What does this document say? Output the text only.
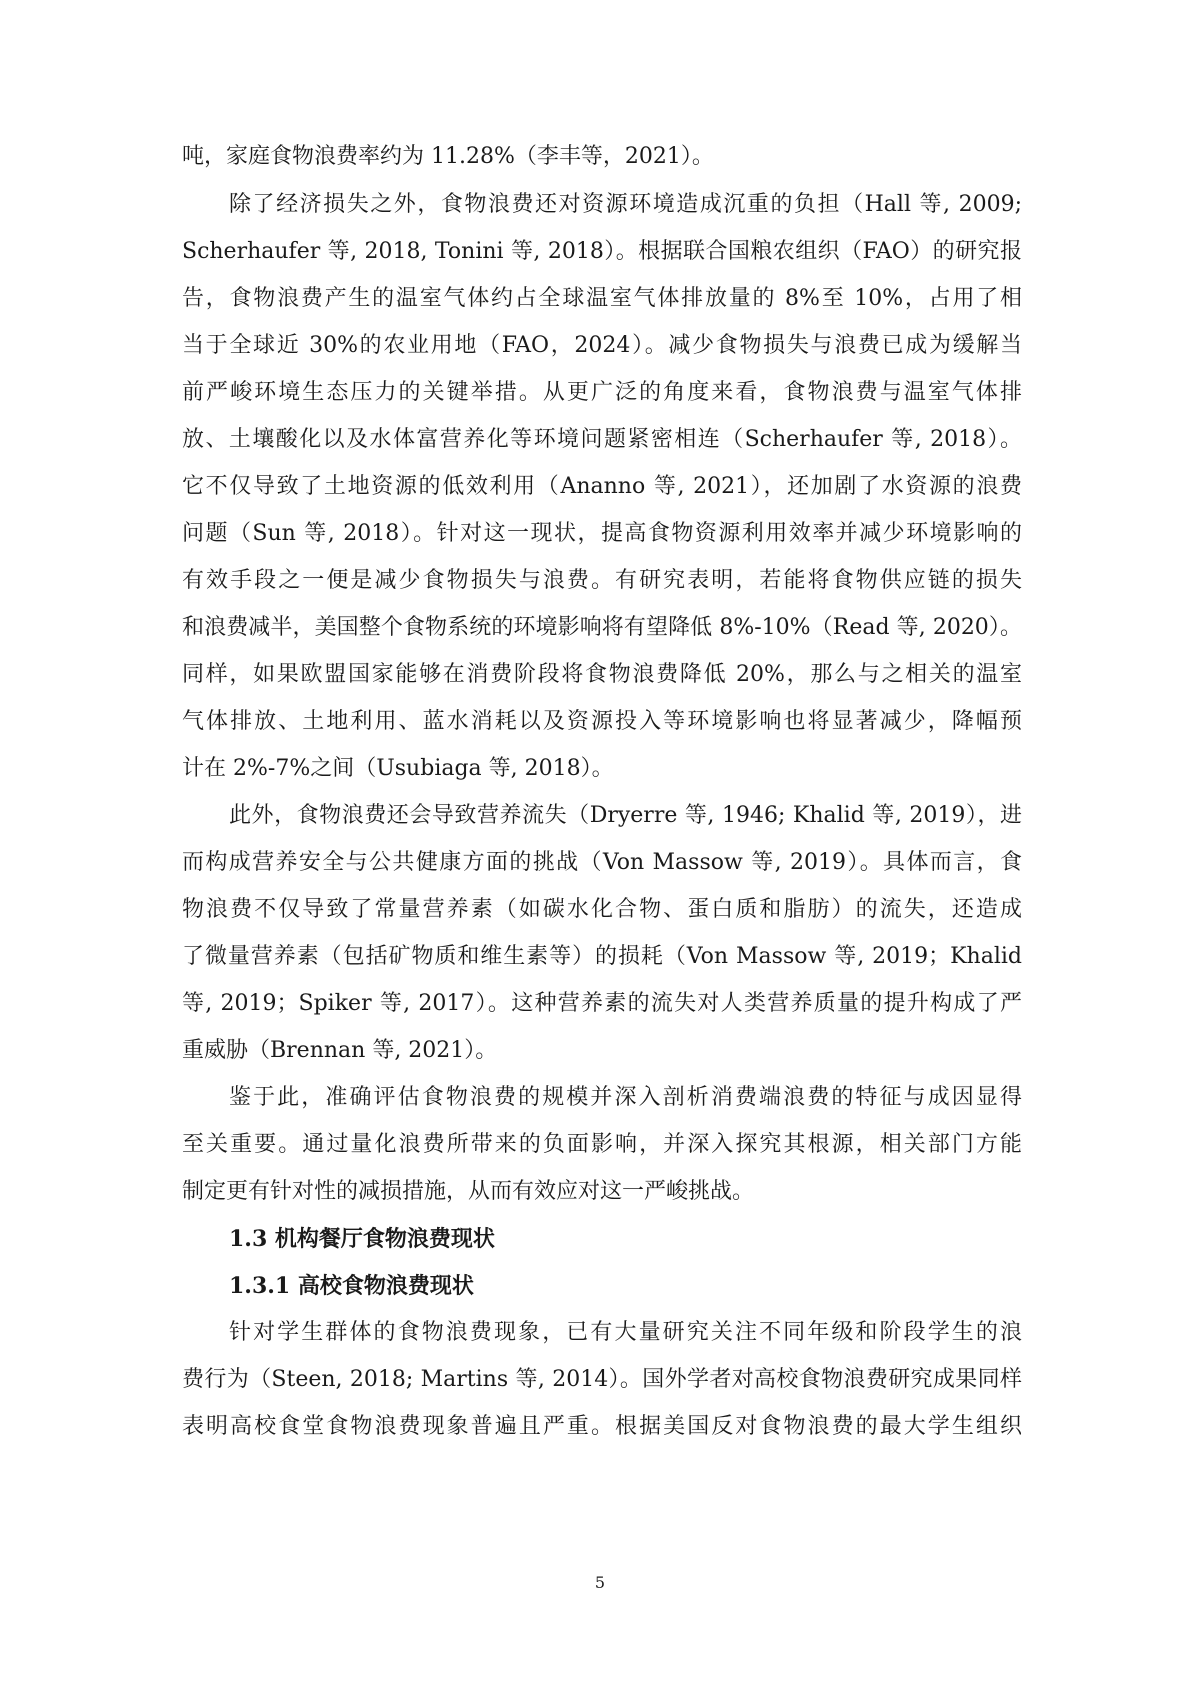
吨，家庭食物浪费率约为 11.28%（李丰等，2021）。
除了经济损失之外，食物浪费还对资源环境造成沉重的负担（Hall 等, 2009;
Scherhaufer 等, 2018, Tonini 等, 2018）。根据联合国粮农组织（FAO）的研究报
告，食物浪费产生的温室气体约占全球温室气体排放量的 8%至 10%，占用了相
当于全球近 30%的农业用地（FAO，2024）。减少食物损失与浪费已成为缓解当
前严峻环境生态压力的关键举措。从更广泛的角度来看，食物浪费与温室气体排
放、土壤酸化以及水体富营养化等环境问题紧密相连（Scherhaufer 等, 2018）。
它不仅导致了土地资源的低效利用（Ananno 等, 2021），还加剧了水资源的浪费
问题（Sun 等, 2018）。针对这一现状，提高食物资源利用效率并减少环境影响的
有效手段之一便是减少食物损失与浪费。有研究表明，若能将食物供应链的损失
和浪费减半，美国整个食物系统的环境影响将有望降低 8%-10%（Read 等, 2020）。
同样，如果欧盟国家能够在消费阶段将食物浪费降低 20%，那么与之相关的温室
气体排放、土地利用、蓝水消耗以及资源投入等环境影响也将显著减少，降幅预
计在 2%-7%之间（Usubiaga 等, 2018）。
此外，食物浪费还会导致营养流失（Dryerre 等, 1946; Khalid 等, 2019），进
而构成营养安全与公共健康方面的挑战（Von Massow 等, 2019）。具体而言，食
物浪费不仅导致了常量营养素（如碳水化合物、蛋白质和脂肪）的流失，还造成
了微量营养素（包括矿物质和维生素等）的损耗（Von Massow 等, 2019；Khalid
等, 2019；Spiker 等, 2017）。这种营养素的流失对人类营养质量的提升构成了严
重威胁（Brennan 等, 2021）。
鉴于此，准确评估食物浪费的规模并深入剖析消费端浪费的特征与成因显得
至关重要。通过量化浪费所带来的负面影响，并深入探究其根源，相关部门方能
制定更有针对性的减损措施，从而有效应对这一严峻挑战。
1.3 机构餐厅食物浪费现状
1.3.1 高校食物浪费现状
针对学生群体的食物浪费现象，已有大量研究关注不同年级和阶段学生的浪
费行为（Steen, 2018; Martins 等, 2014）。国外学者对高校食物浪费研究成果同样
表明高校食堂食物浪费现象普遍且严重。根据美国反对食物浪费的最大学生组织
5
